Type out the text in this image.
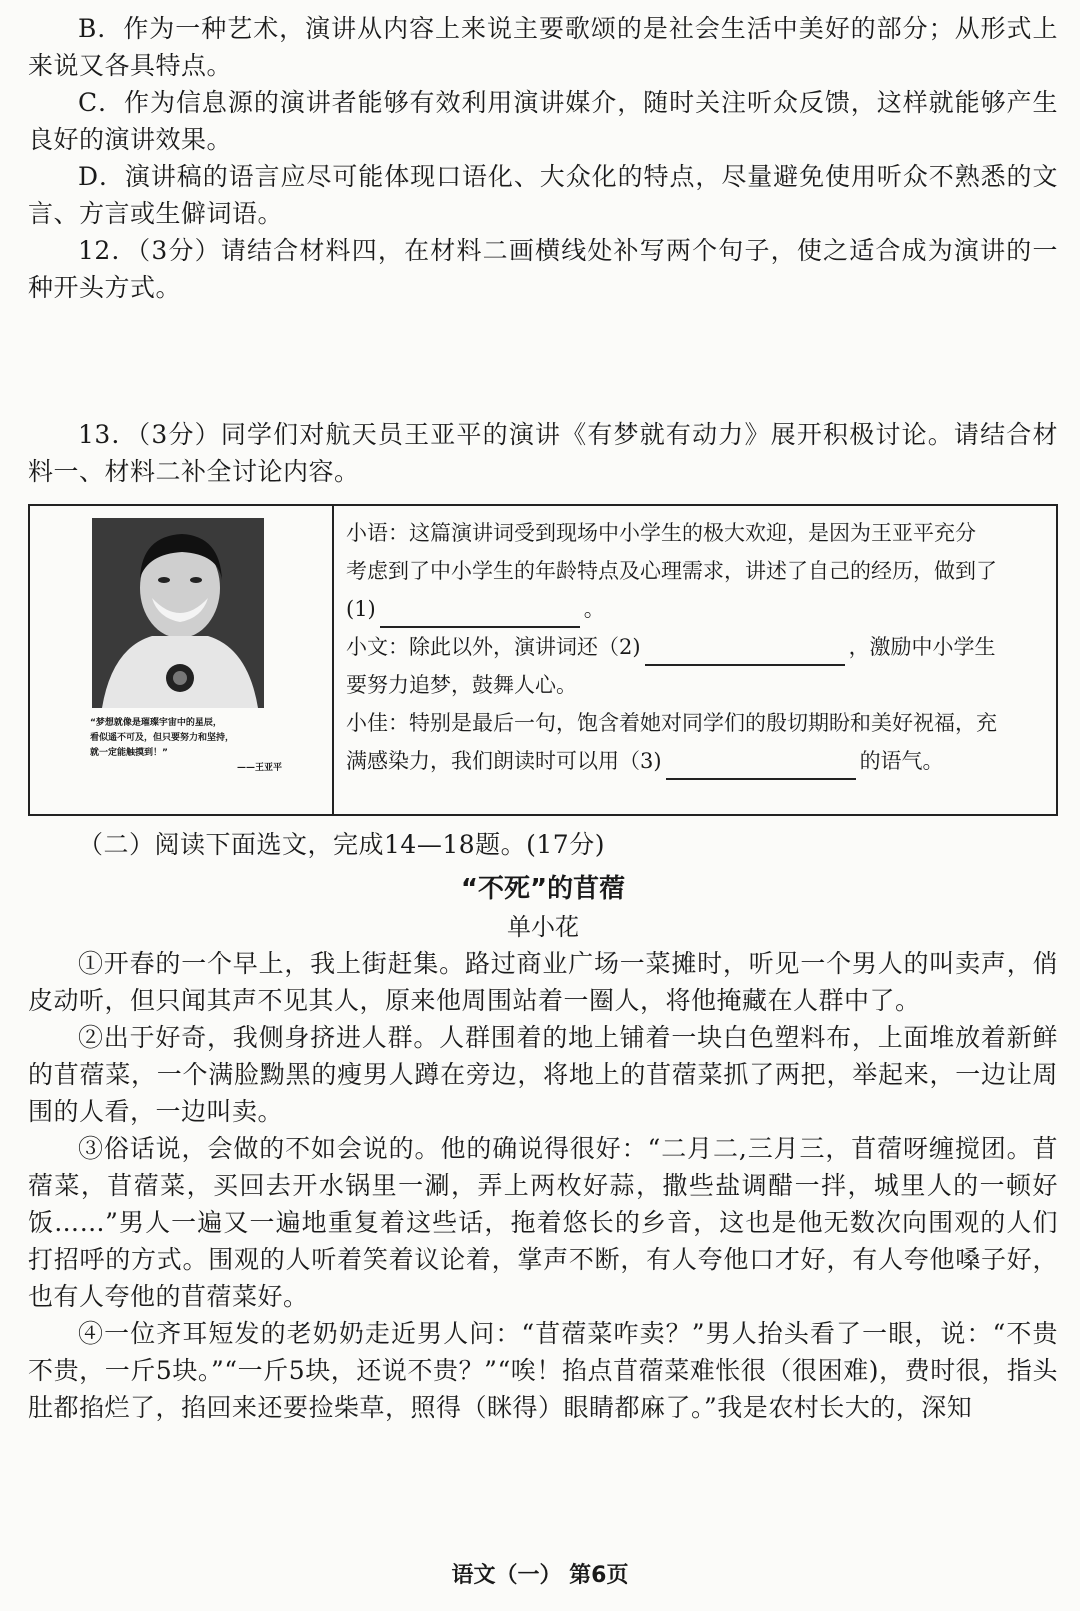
B．作为一种艺术，演讲从内容上来说主要歌颂的是社会生活中美好的部分；从形式上来说又各具特点。

C．作为信息源的演讲者能够有效利用演讲媒介，随时关注听众反馈，这样就能够产生良好的演讲效果。

D．演讲稿的语言应尽可能体现口语化、大众化的特点，尽量避免使用听众不熟悉的文言、方言或生僻词语。

12．（3分）请结合材料四，在材料二画横线处补写两个句子，使之适合成为演讲的一种开头方式。

13．（3分）同学们对航天员王亚平的演讲《有梦就有动力》展开积极讨论。请结合材料一、材料二补全讨论内容。

“梦想就像是璀璨宇宙中的星辰，
看似遥不可及，但只要努力和坚持，
就一定能触摸到！”
——王亚平

小语：这篇演讲词受到现场中小学生的极大欢迎，是因为王亚平充分

考虑到了中小学生的年龄特点及心理需求，讲述了自己的经历，做到了

(1)	。

小文：除此以外，演讲词还（2)	，激励中小学生

要努力追梦，鼓舞人心。

小佳：特别是最后一句，饱含着她对同学们的殷切期盼和美好祝福，充

满感染力，我们朗读时可以用（3)	的语气。

（二）阅读下面选文，完成14—18题。(17分)

“不死”的苜蓿
单小花

①开春的一个早上，我上街赶集。路过商业广场一菜摊时，听见一个男人的叫卖声，俏皮动听，但只闻其声不见其人，原来他周围站着一圈人，将他掩藏在人群中了。

②出于好奇，我侧身挤进人群。人群围着的地上铺着一块白色塑料布，上面堆放着新鲜的苜蓿菜，一个满脸黝黑的瘦男人蹲在旁边，将地上的苜蓿菜抓了两把，举起来，一边让周围的人看，一边叫卖。

③俗话说，会做的不如会说的。他的确说得很好：“二月二,三月三，苜蓿呀缠搅团。苜蓿菜，苜蓿菜，买回去开水锅里一涮，弄上两枚好蒜，撒些盐调醋一拌，城里人的一顿好饭……”男人一遍又一遍地重复着这些话，拖着悠长的乡音，这也是他无数次向围观的人们打招呼的方式。围观的人听着笑着议论着，掌声不断，有人夸他口才好，有人夸他嗓子好，也有人夸他的苜蓿菜好。

④一位齐耳短发的老奶奶走近男人问：“苜蓿菜咋卖？”男人抬头看了一眼，说：“不贵不贵，一斤5块。”“一斤5块，还说不贵？”“唉！掐点苜蓿菜难怅很（很困难)，费时很，指头肚都掐烂了，掐回来还要捡柴草，照得（眯得）眼睛都麻了。”我是农村长大的，深知

语文（一） 第6页
